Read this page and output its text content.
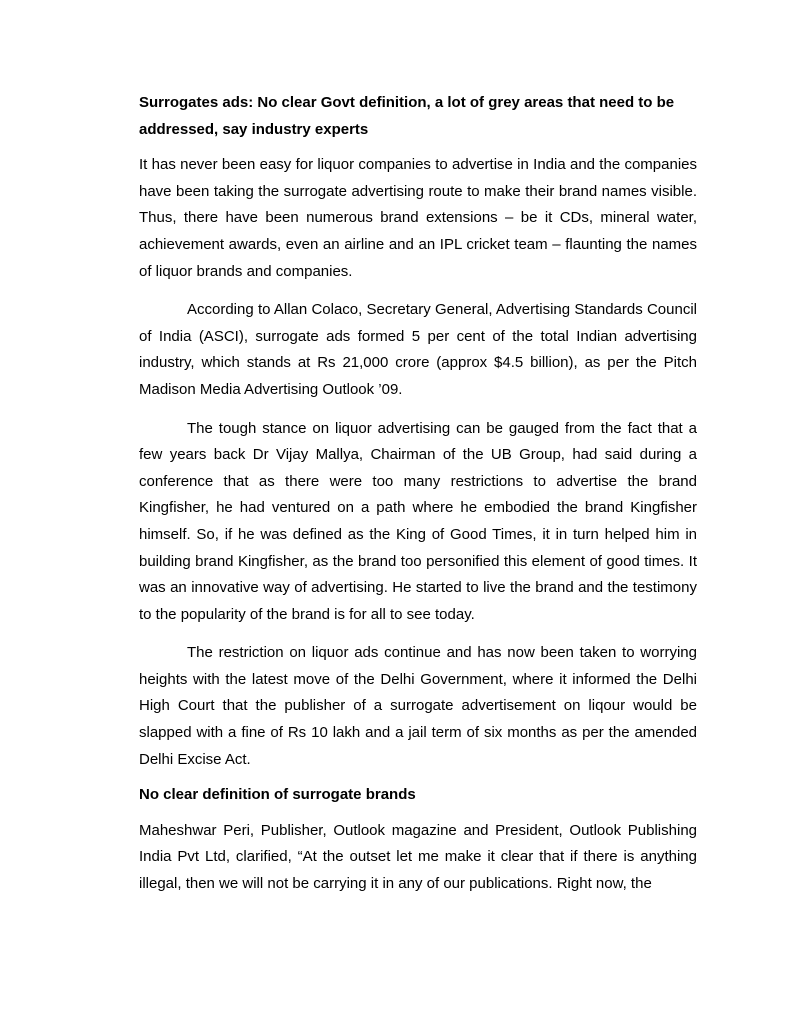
Surrogates ads: No clear Govt definition, a lot of grey areas that need to be addressed, say industry experts

It has never been easy for liquor companies to advertise in India and the companies have been taking the surrogate advertising route to make their brand names visible. Thus, there have been numerous brand extensions – be it CDs, mineral water, achievement awards, even an airline and an IPL cricket team – flaunting the names of liquor brands and companies.

According to Allan Colaco, Secretary General, Advertising Standards Council of India (ASCI), surrogate ads formed 5 per cent of the total Indian advertising industry, which stands at Rs 21,000 crore (approx $4.5 billion), as per the Pitch Madison Media Advertising Outlook ’09.

The tough stance on liquor advertising can be gauged from the fact that a few years back Dr Vijay Mallya, Chairman of the UB Group, had said during a conference that as there were too many restrictions to advertise the brand Kingfisher, he had ventured on a path where he embodied the brand Kingfisher himself. So, if he was defined as the King of Good Times, it in turn helped him in building brand Kingfisher, as the brand too personified this element of good times. It was an innovative way of advertising. He started to live the brand and the testimony to the popularity of the brand is for all to see today.

The restriction on liquor ads continue and has now been taken to worrying heights with the latest move of the Delhi Government, where it informed the Delhi High Court that the publisher of a surrogate advertisement on liqour would be slapped with a fine of Rs 10 lakh and a jail term of six months as per the amended Delhi Excise Act.

No clear definition of surrogate brands

Maheshwar Peri, Publisher, Outlook magazine and President, Outlook Publishing India Pvt Ltd, clarified, “At the outset let me make it clear that if there is anything illegal, then we will not be carrying it in any of our publications. Right now, the
